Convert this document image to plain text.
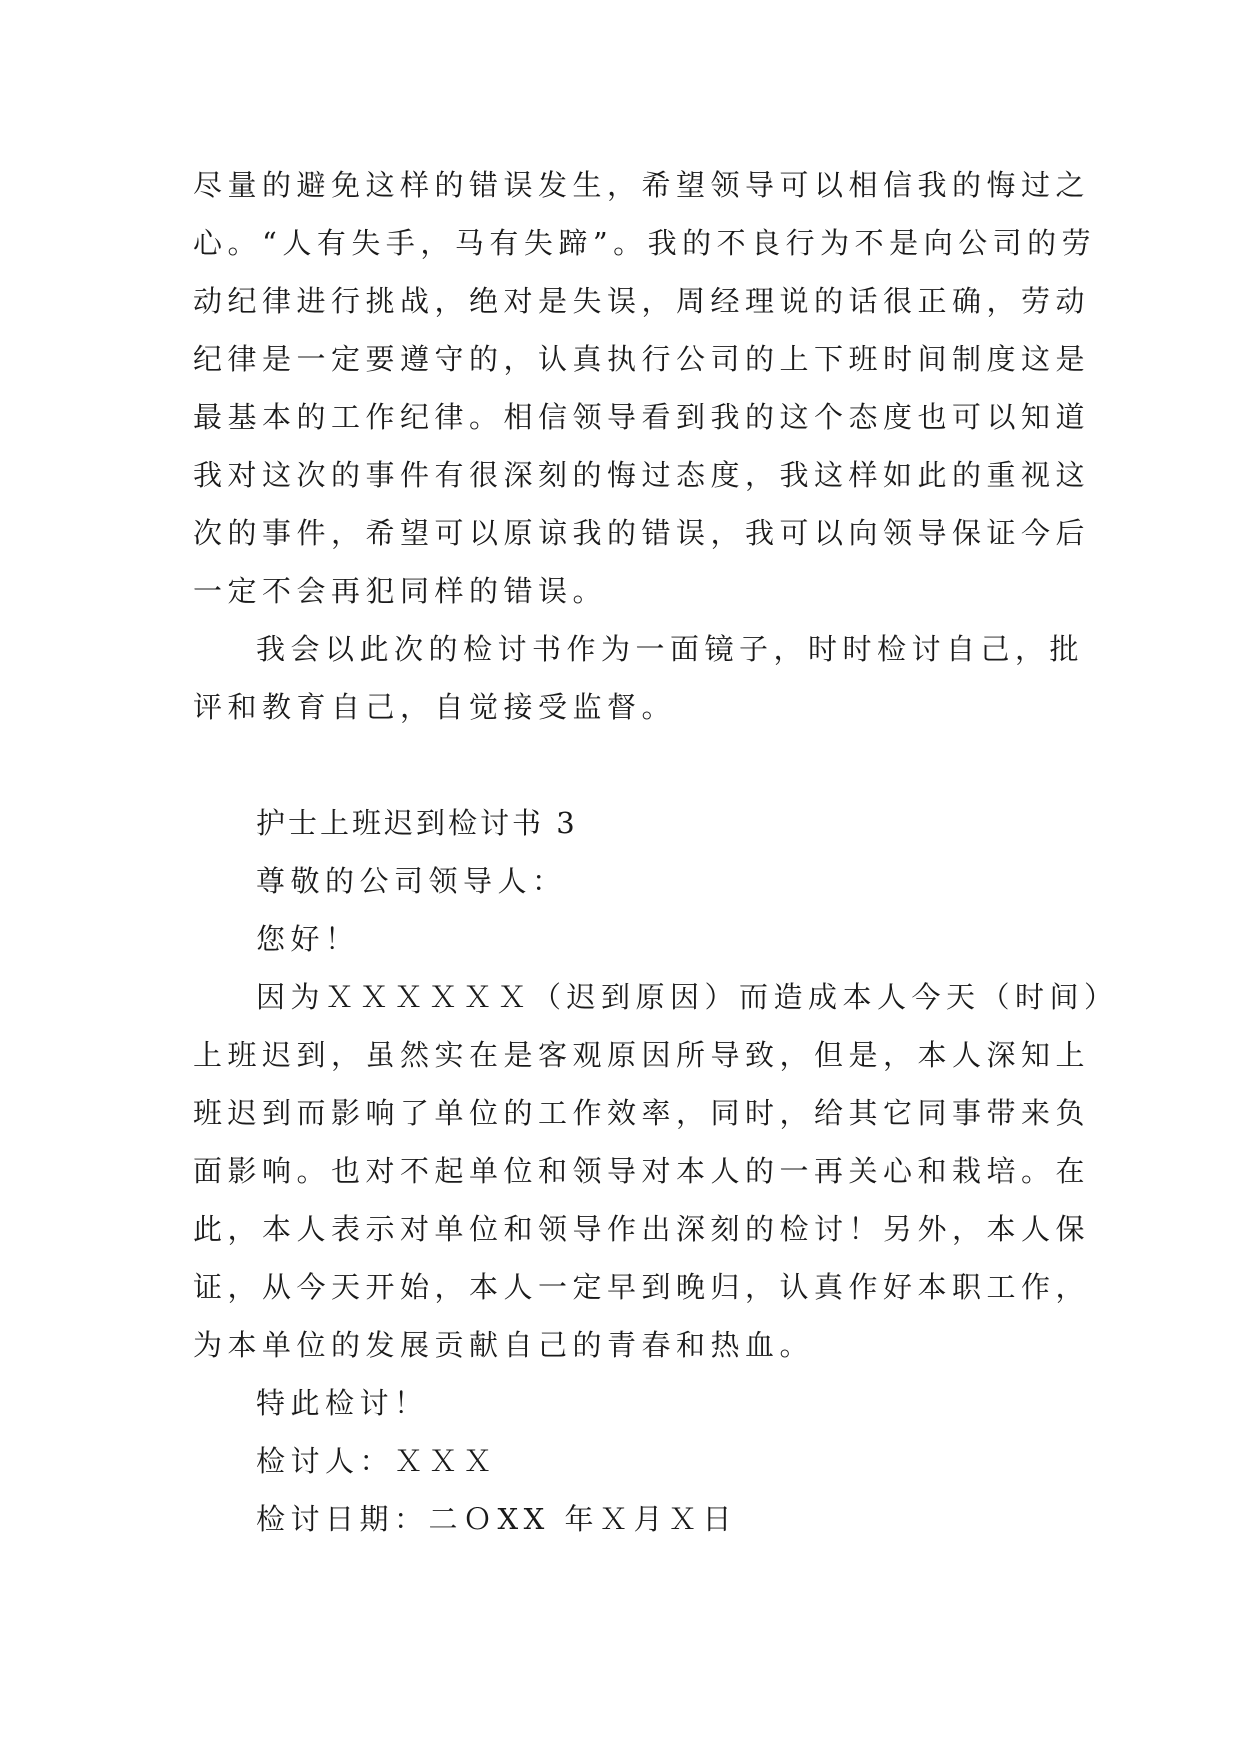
尽量的避免这样的错误发生，希望领导可以相信我的悔过之
心。“人有失手，马有失蹄”。我的不良行为不是向公司的劳
动纪律进行挑战，绝对是失误，周经理说的话很正确，劳动
纪律是一定要遵守的，认真执行公司的上下班时间制度这是
最基本的工作纪律。相信领导看到我的这个态度也可以知道
我对这次的事件有很深刻的悔过态度，我这样如此的重视这
次的事件，希望可以原谅我的错误，我可以向领导保证今后
一定不会再犯同样的错误。
我会以此次的检讨书作为一面镜子，时时检讨自己，批
评和教育自己，自觉接受监督。
护士上班迟到检讨书 3
尊敬的公司领导人：
您好！
因为ＸＸＸＸＸＸ（迟到原因）而造成本人今天（时间）
上班迟到，虽然实在是客观原因所导致，但是，本人深知上
班迟到而影响了单位的工作效率，同时，给其它同事带来负
面影响。也对不起单位和领导对本人的一再关心和栽培。在
此，本人表示对单位和领导作出深刻的检讨！另外，本人保
证，从今天开始，本人一定早到晚归，认真作好本职工作，
为本单位的发展贡献自己的青春和热血。
特此检讨！
检讨人：ＸＸＸ
检讨日期：二ＯXX 年Ｘ月Ｘ日
